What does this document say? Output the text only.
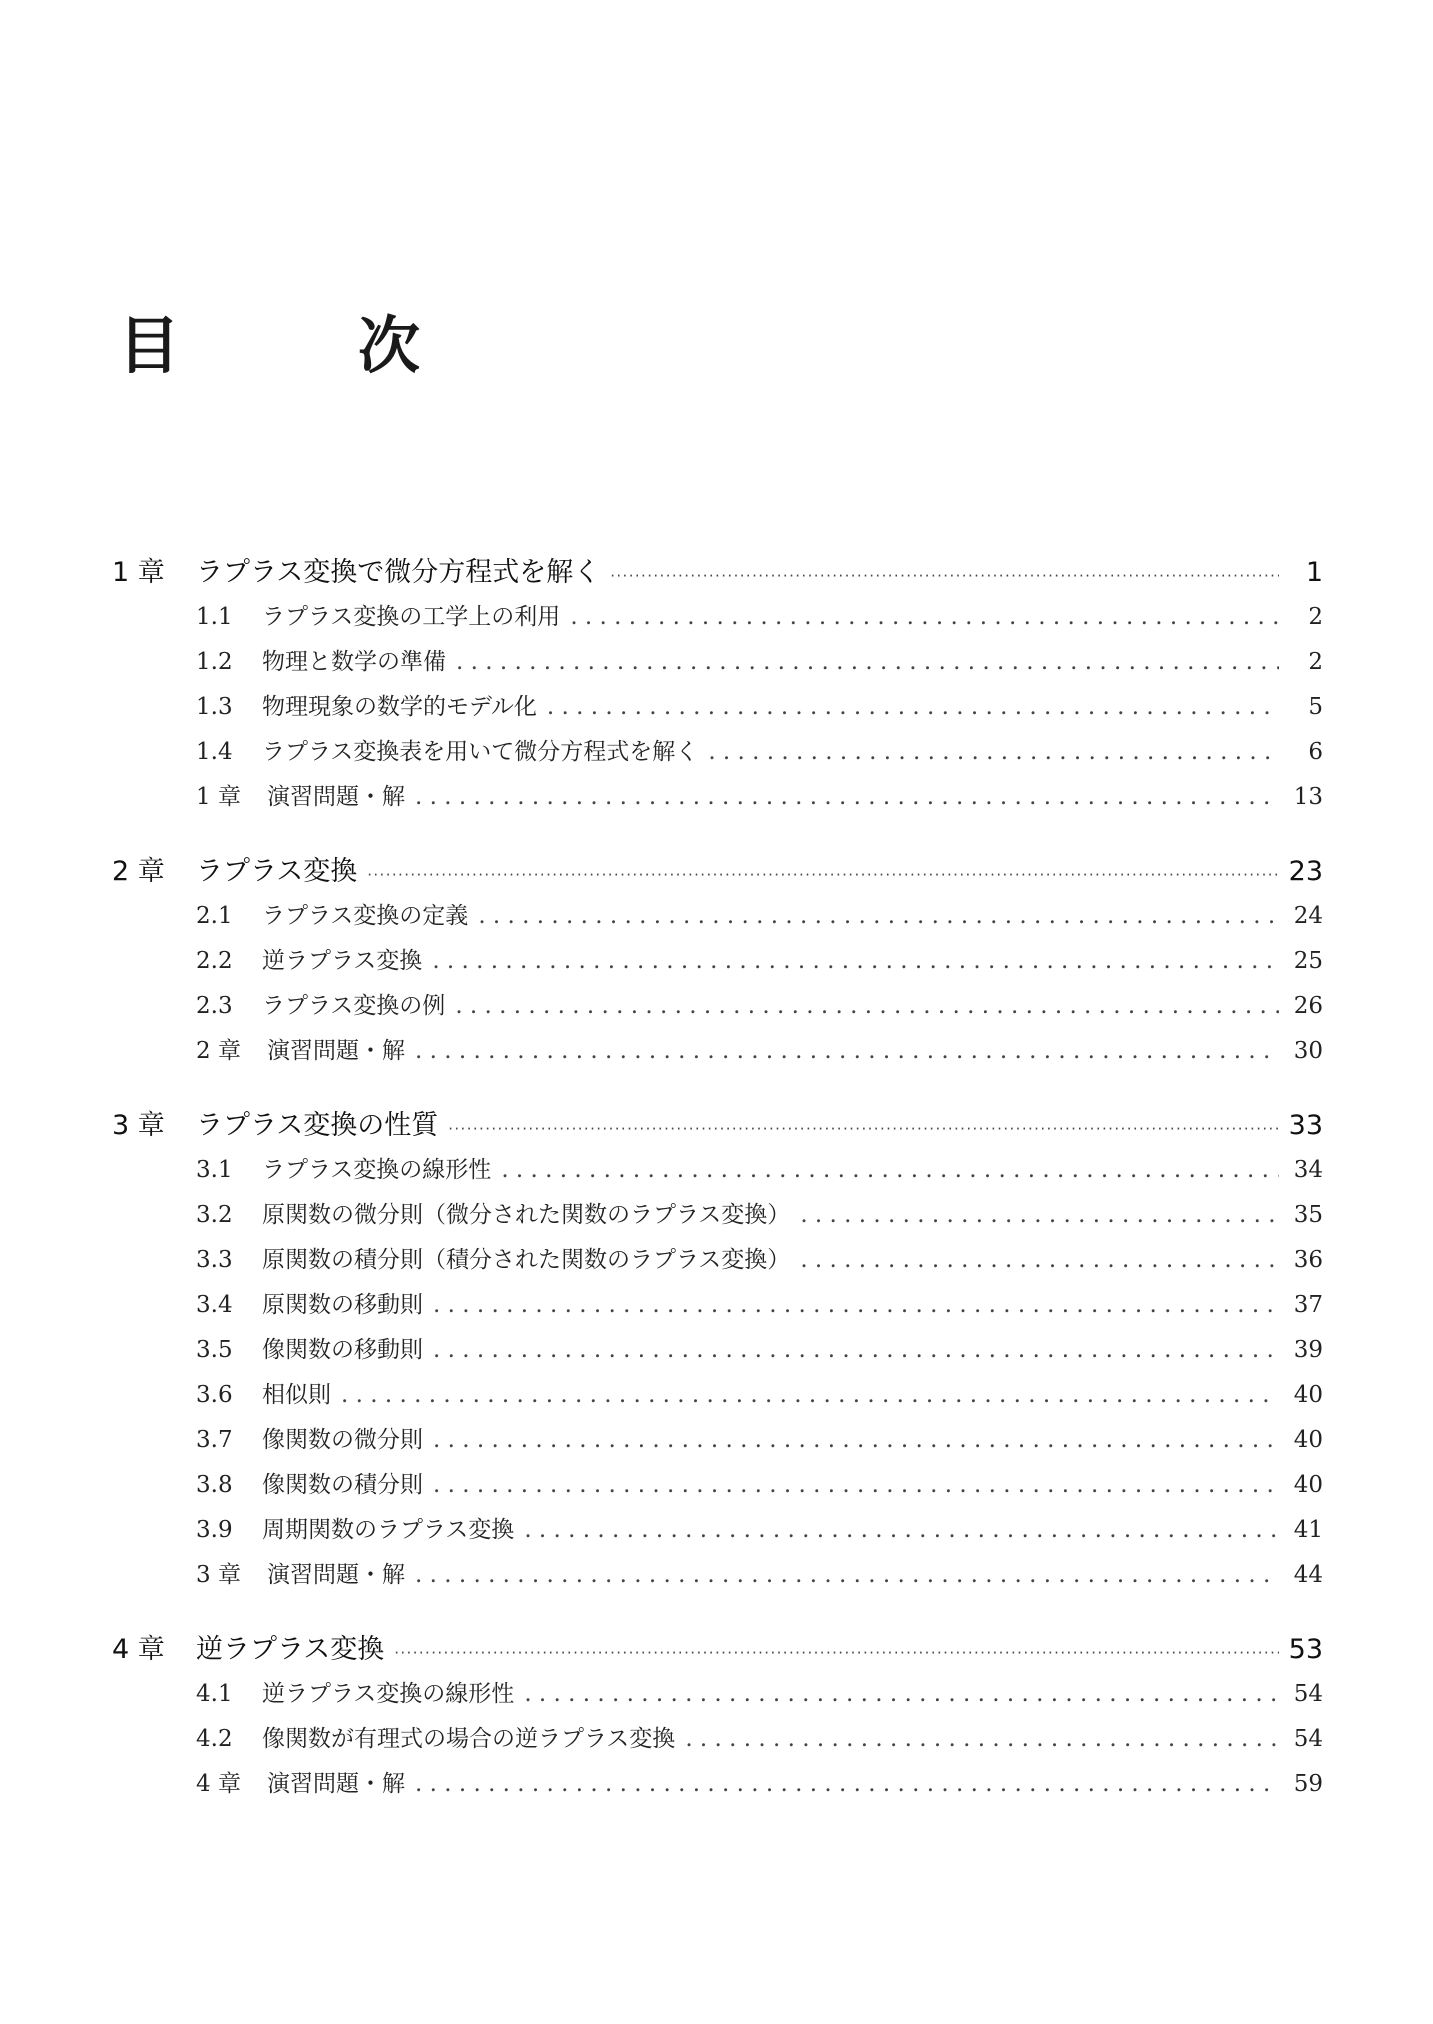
目　次
1 章 ラプラス変換で微分方程式を解く ·····	1
1.1	ラプラス変換の工学上の利用 . . .	2
1.2	物理と数学の準備 . . .	2
1.3	物理現象の数学的モデル化 . . .	5
1.4	ラプラス変換表を用いて微分方程式を解く . . .	6
1 章 演習問題・解 . . .	13
2 章 ラプラス変換 ·····	23
2.1	ラプラス変換の定義 . . .	24
2.2	逆ラプラス変換 . . .	25
2.3	ラプラス変換の例 . . .	26
2 章 演習問題・解 . . .	30
3 章 ラプラス変換の性質 ·····	33
3.1	ラプラス変換の線形性 . . .	34
3.2	原関数の微分則（微分された関数のラプラス変換） . . .	35
3.3	原関数の積分則（積分された関数のラプラス変換） . . .	36
3.4	原関数の移動則 . . .	37
3.5	像関数の移動則 . . .	39
3.6	相似則 . . .	40
3.7	像関数の微分則 . . .	40
3.8	像関数の積分則 . . .	40
3.9	周期関数のラプラス変換 . . .	41
3 章 演習問題・解 . . .	44
4 章 逆ラプラス変換 ·····	53
4.1	逆ラプラス変換の線形性 . . .	54
4.2	像関数が有理式の場合の逆ラプラス変換 . . .	54
4 章 演習問題・解 . . .	59
